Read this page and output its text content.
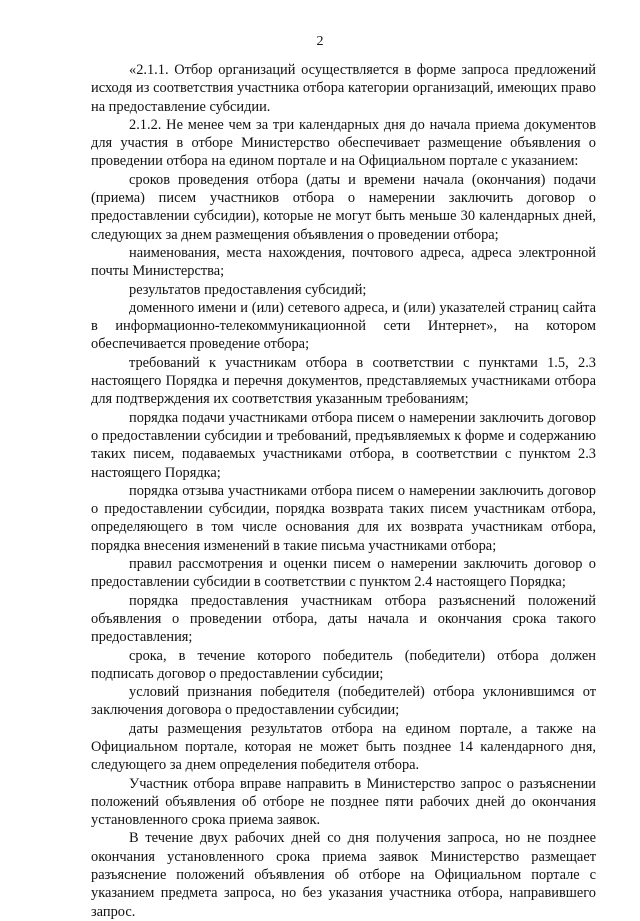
2

«2.1.1. Отбор организаций осуществляется в форме запроса предложений исходя из соответствия участника отбора категории организаций, имеющих право на предоставление субсидии.

2.1.2. Не менее чем за три календарных дня до начала приема документов для участия в отборе Министерство обеспечивает размещение объявления о проведении отбора на едином портале и на Официальном портале с указанием:

сроков проведения отбора (даты и времени начала (окончания) подачи (приема) писем участников отбора о намерении заключить договор о предоставлении субсидии), которые не могут быть меньше 30 календарных дней, следующих за днем размещения объявления о проведении отбора;

наименования, места нахождения, почтового адреса, адреса электронной почты Министерства;

результатов предоставления субсидий;

доменного имени и (или) сетевого адреса, и (или) указателей страниц сайта в информационно-телекоммуникационной сети Интернет», на котором обеспечивается проведение отбора;

требований к участникам отбора в соответствии с пунктами 1.5, 2.3 настоящего Порядка и перечня документов, представляемых участниками отбора для подтверждения их соответствия указанным требованиям;

порядка подачи участниками отбора писем о намерении заключить договор о предоставлении субсидии и требований, предъявляемых к форме и содержанию таких писем, подаваемых участниками отбора, в соответствии с пунктом 2.3 настоящего Порядка;

порядка отзыва участниками отбора писем о намерении заключить договор о предоставлении субсидии, порядка возврата таких писем участникам отбора, определяющего в том числе основания для их возврата участникам отбора, порядка внесения изменений в такие письма участниками отбора;

правил рассмотрения и оценки писем о намерении заключить договор о предоставлении субсидии в соответствии с пунктом 2.4 настоящего Порядка;

порядка предоставления участникам отбора разъяснений положений объявления о проведении отбора, даты начала и окончания срока такого предоставления;

срока, в течение которого победитель (победители) отбора должен подписать договор о предоставлении субсидии;

условий признания победителя (победителей) отбора уклонившимся от заключения договора о предоставлении субсидии;

даты размещения результатов отбора на едином портале, а также на Официальном портале, которая не может быть позднее 14 календарного дня, следующего за днем определения победителя отбора.

Участник отбора вправе направить в Министерство запрос о разъяснении положений объявления об отборе не позднее пяти рабочих дней до окончания установленного срока приема заявок.

В течение двух рабочих дней со дня получения запроса, но не позднее окончания установленного срока приема заявок Министерство размещает разъяснение положений объявления об отборе на Официальном портале с указанием предмета запроса, но без указания участника отбора, направившего запрос.
